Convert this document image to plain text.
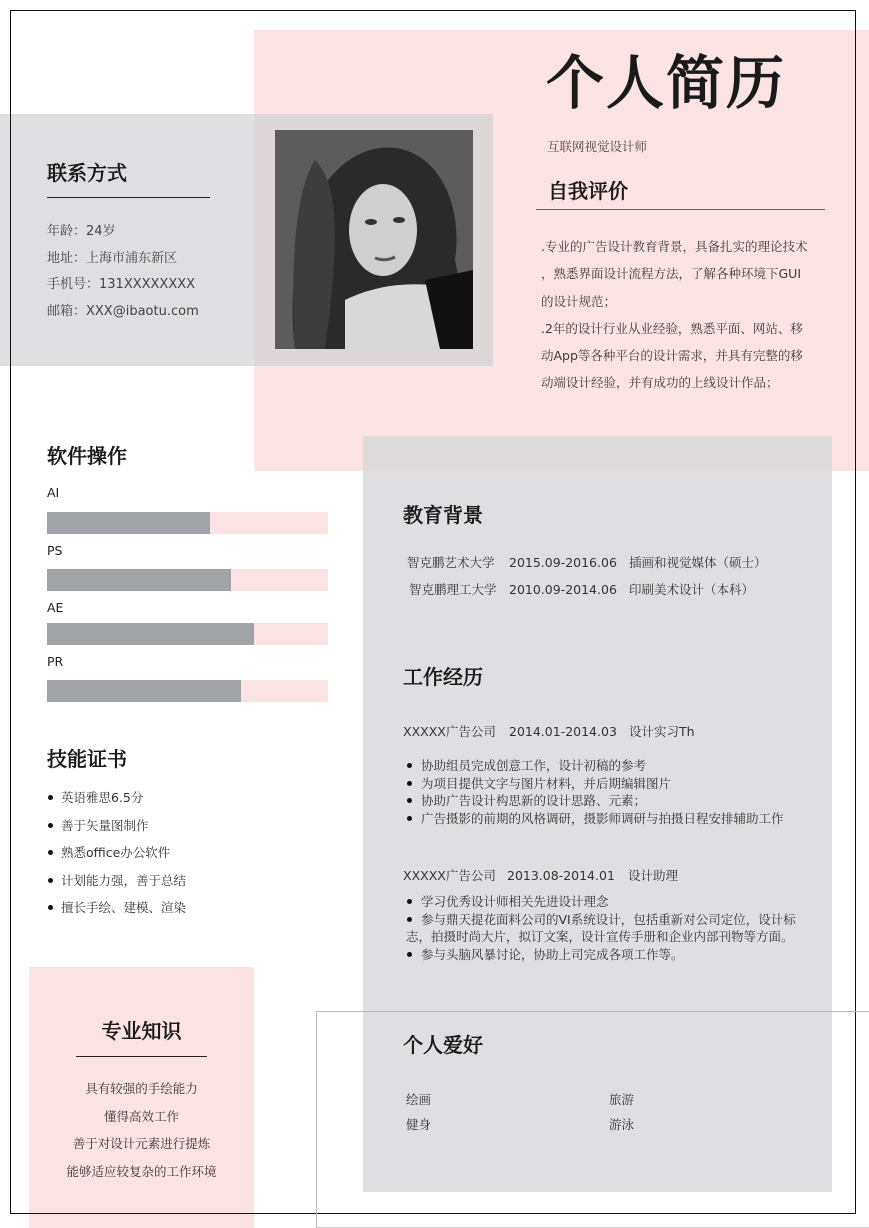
个人简历
互联网视觉设计师
联系方式
年龄：24岁
地址：上海市浦东新区
手机号：131XXXXXXXX
邮箱：XXX@ibaotu.com
自我评价
.专业的广告设计教育背景，具备扎实的理论技术
，熟悉界面设计流程方法，了解各种环境下GUI
的设计规范；
.2年的设计行业从业经验，熟悉平面、网站、移
动App等各种平台的设计需求，并具有完整的移
动端设计经验，并有成功的上线设计作品；
软件操作
AI
PS
AE
PR
技能证书
英语雅思6.5分
善于矢量图制作
熟悉office办公软件
计划能力强，善于总结
擅长手绘、建模、渲染
专业知识
具有较强的手绘能力
懂得高效工作
善于对设计元素进行提炼
能够适应较复杂的工作环境
教育背景
智克鹏艺术大学 2015.09-2016.06 插画和视觉媒体（硕士）
智克鹏理工大学 2010.09-2014.06 印刷美术设计（本科）
工作经历
XXXXX广告公司 2014.01-2014.03 设计实习Th
协助组员完成创意工作，设计初稿的参考
为项目提供文字与图片材料，并后期编辑图片
协助广告设计构思新的设计思路、元素；
广告摄影的前期的风格调研，摄影师调研与拍摄日程安排辅助工作
XXXXX广告公司 2013.08-2014.01 设计助理
学习优秀设计师相关先进设计理念
参与鼎天提花面料公司的VI系统设计，包括重新对公司定位，设计标志，拍摄时尚大片，拟订文案，设计宣传手册和企业内部刊物等方面。
参与头脑风暴讨论，协助上司完成各项工作等。
个人爱好
绘画	旅游
健身	游泳
